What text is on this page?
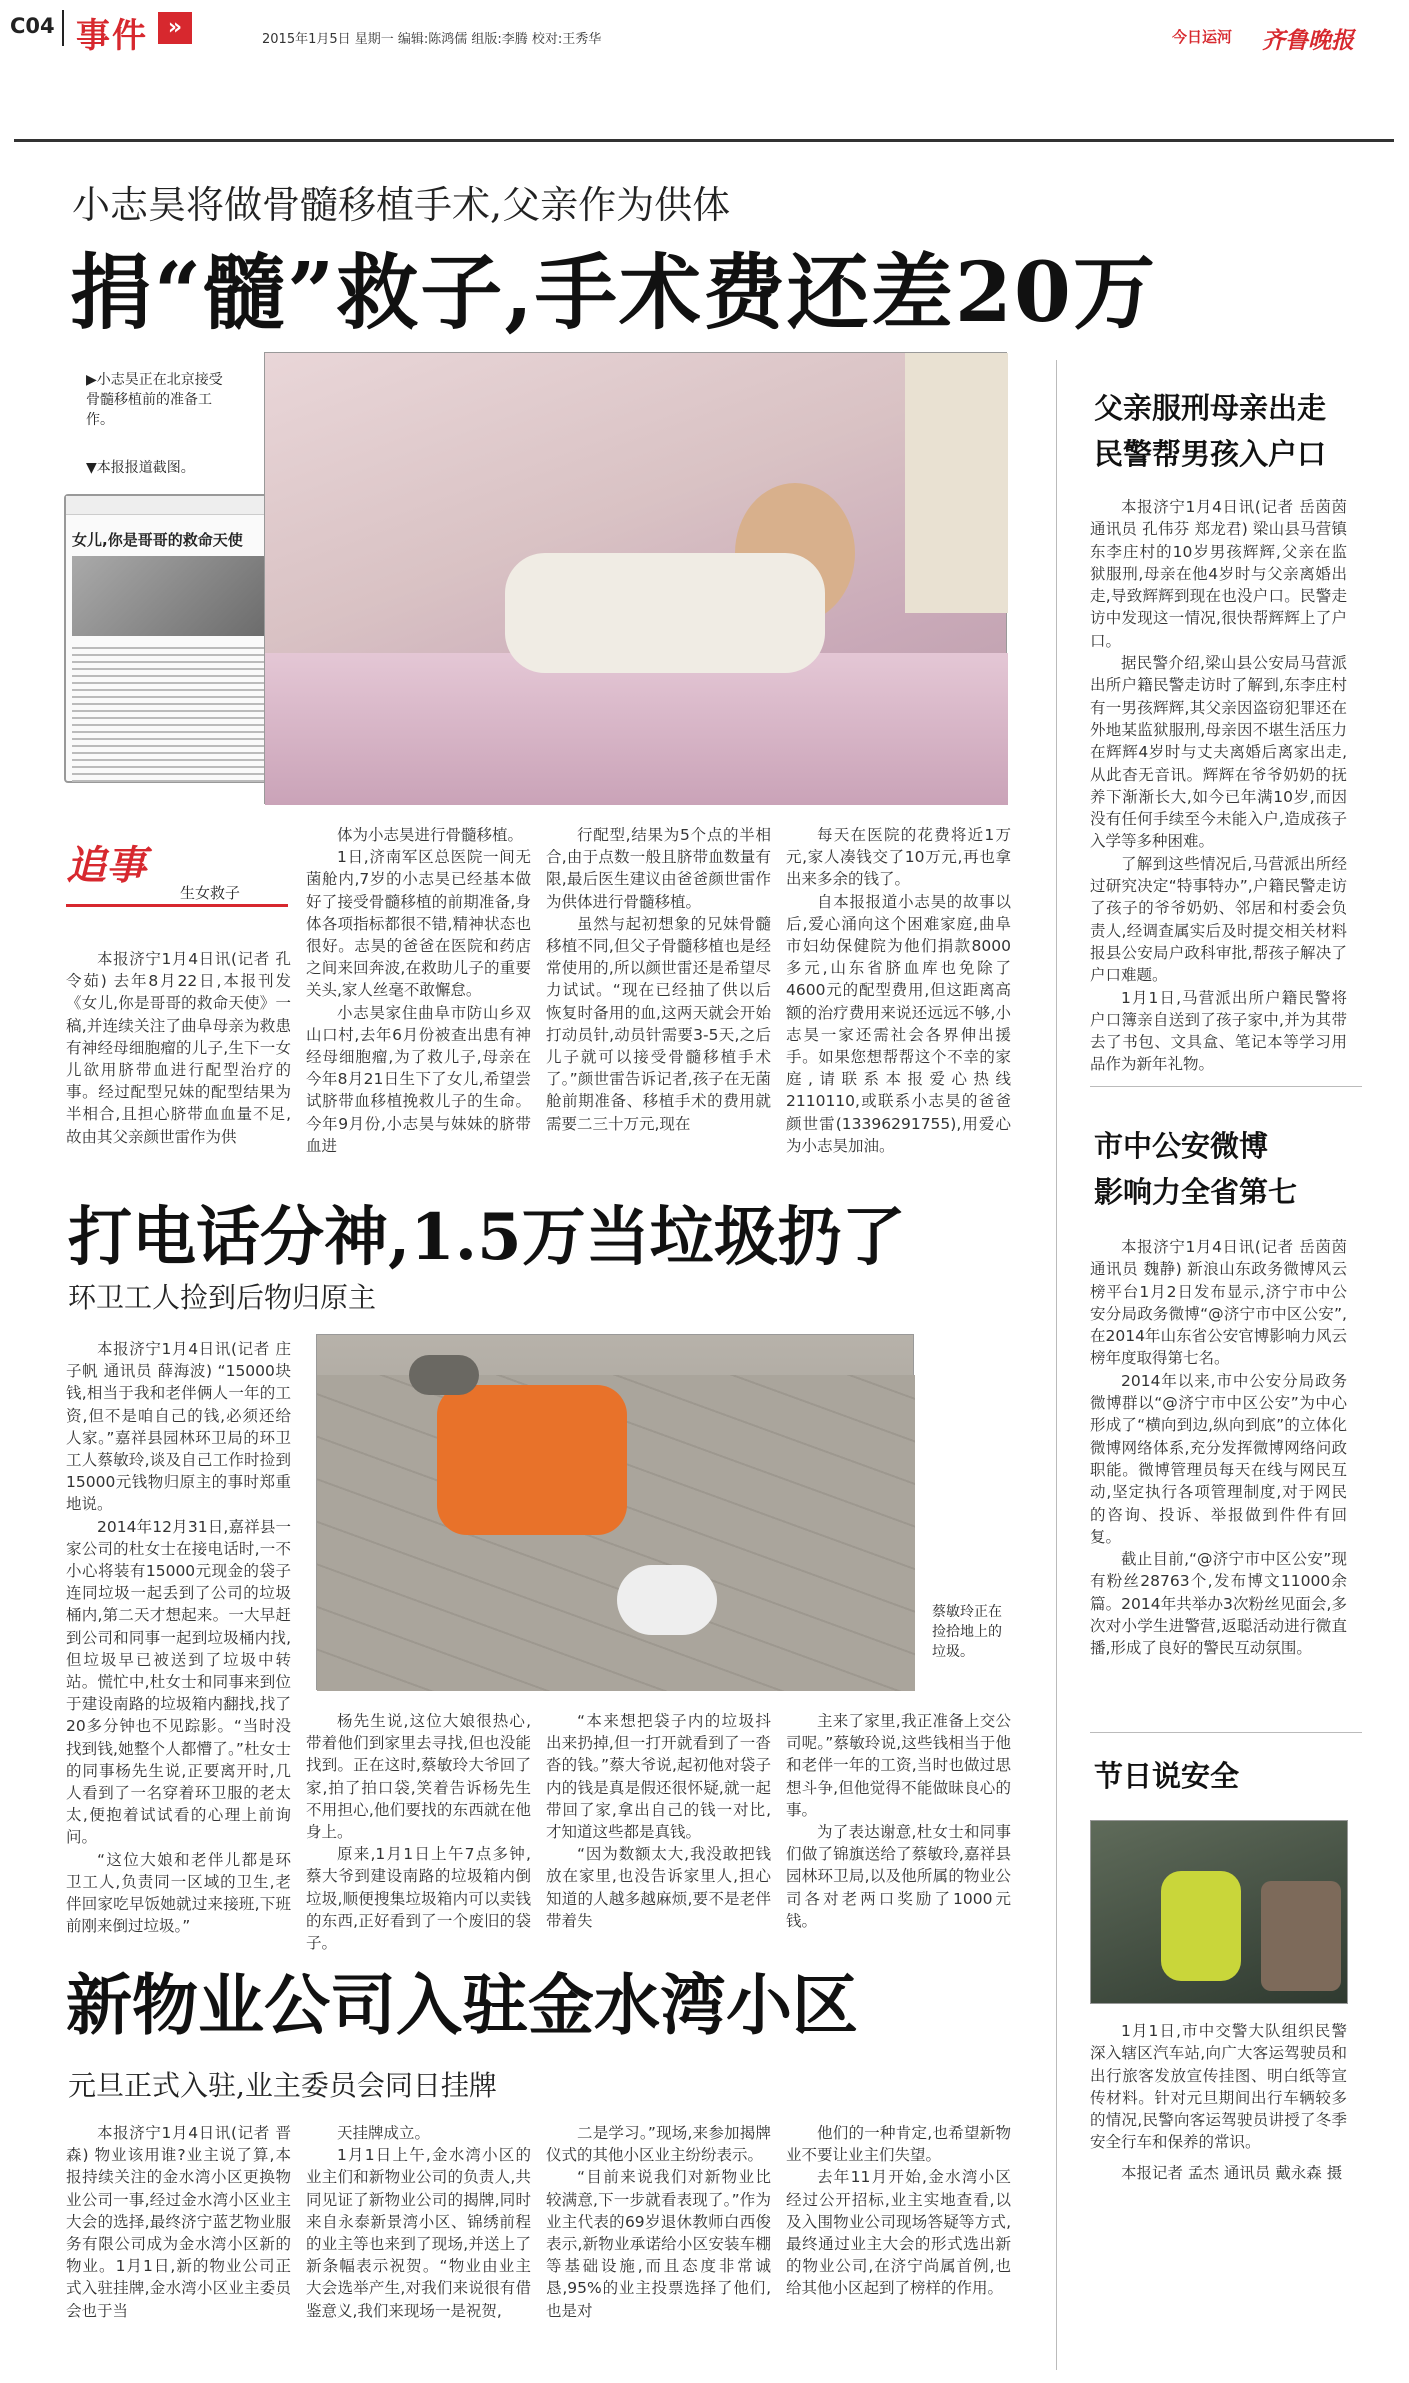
C04 事件 »	2015年1月5日 星期一 编辑:陈鸿儒 组版:李腾 校对:王秀华	今日运河 齐鲁晚报
小志昊将做骨髓移植手术,父亲作为供体
捐“髓”救子,手术费还差20万
▶小志昊正在北京接受骨髓移植前的准备工作。
▼本报报道截图。
女儿,你是哥哥的救命天使
追事
生女救子

本报济宁1月4日讯(记者 孔令茹) 去年8月22日,本报刊发《女儿,你是哥哥的救命天使》一稿,并连续关注了曲阜母亲为救患有神经母细胞瘤的儿子,生下一女儿欲用脐带血进行配型治疗的事。经过配型兄妹的配型结果为半相合,且担心脐带血血量不足,故由其父亲颜世雷作为供

体为小志昊进行骨髓移植。

1日,济南军区总医院一间无菌舱内,7岁的小志昊已经基本做好了接受骨髓移植的前期准备,身体各项指标都很不错,精神状态也很好。志昊的爸爸在医院和药店之间来回奔波,在救助儿子的重要关头,家人丝毫不敢懈怠。

小志昊家住曲阜市防山乡双山口村,去年6月份被查出患有神经母细胞瘤,为了救儿子,母亲在今年8月21日生下了女儿,希望尝试脐带血移植挽救儿子的生命。今年9月份,小志昊与妹妹的脐带血进

行配型,结果为5个点的半相合,由于点数一般且脐带血数量有限,最后医生建议由爸爸颜世雷作为供体进行骨髓移植。

虽然与起初想象的兄妹骨髓移植不同,但父子骨髓移植也是经常使用的,所以颜世雷还是希望尽力试试。“现在已经抽了供以后恢复时备用的血,这两天就会开始打动员针,动员针需要3-5天,之后儿子就可以接受骨髓移植手术了。”颜世雷告诉记者,孩子在无菌舱前期准备、移植手术的费用就需要二三十万元,现在

每天在医院的花费将近1万元,家人凑钱交了10万元,再也拿出来多余的钱了。

自本报报道小志昊的故事以后,爱心涌向这个困难家庭,曲阜市妇幼保健院为他们捐款8000多元,山东省脐血库也免除了4600元的配型费用,但这距离高额的治疗费用来说还远远不够,小志昊一家还需社会各界伸出援手。如果您想帮帮这个不幸的家庭,请联系本报爱心热线2110110,或联系小志昊的爸爸颜世雷(13396291755),用爱心为小志昊加油。

打电话分神,1.5万当垃圾扔了
环卫工人捡到后物归原主
蔡敏玲正在捡拾地上的垃圾。

本报济宁1月4日讯(记者 庄子帆 通讯员 薛海波) “15000块钱,相当于我和老伴俩人一年的工资,但不是咱自己的钱,必须还给人家。”嘉祥县园林环卫局的环卫工人蔡敏玲,谈及自己工作时捡到15000元钱物归原主的事时郑重地说。

2014年12月31日,嘉祥县一家公司的杜女士在接电话时,一不小心将装有15000元现金的袋子连同垃圾一起丢到了公司的垃圾桶内,第二天才想起来。一大早赶到公司和同事一起到垃圾桶内找,但垃圾早已被送到了垃圾中转站。慌忙中,杜女士和同事来到位于建设南路的垃圾箱内翻找,找了20多分钟也不见踪影。“当时没找到钱,她整个人都懵了。”杜女士的同事杨先生说,正要离开时,几人看到了一名穿着环卫服的老太太,便抱着试试看的心理上前询问。

“这位大娘和老伴儿都是环卫工人,负责同一区域的卫生,老伴回家吃早饭她就过来接班,下班前刚来倒过垃圾。”

杨先生说,这位大娘很热心,带着他们到家里去寻找,但也没能找到。正在这时,蔡敏玲大爷回了家,拍了拍口袋,笑着告诉杨先生不用担心,他们要找的东西就在他身上。

原来,1月1日上午7点多钟,蔡大爷到建设南路的垃圾箱内倒垃圾,顺便搜集垃圾箱内可以卖钱的东西,正好看到了一个废旧的袋子。

“本来想把袋子内的垃圾抖出来扔掉,但一打开就看到了一沓沓的钱。”蔡大爷说,起初他对袋子内的钱是真是假还很怀疑,就一起带回了家,拿出自己的钱一对比,才知道这些都是真钱。

“因为数额太大,我没敢把钱放在家里,也没告诉家里人,担心知道的人越多越麻烦,要不是老伴带着失

主来了家里,我正准备上交公司呢。”蔡敏玲说,这些钱相当于他和老伴一年的工资,当时也做过思想斗争,但他觉得不能做昧良心的事。

为了表达谢意,杜女士和同事们做了锦旗送给了蔡敏玲,嘉祥县园林环卫局,以及他所属的物业公司各对老两口奖励了1000元钱。

新物业公司入驻金水湾小区
元旦正式入驻,业主委员会同日挂牌

本报济宁1月4日讯(记者 晋森) 物业该用谁?业主说了算,本报持续关注的金水湾小区更换物业公司一事,经过金水湾小区业主大会的选择,最终济宁蓝艺物业服务有限公司成为金水湾小区新的物业。1月1日,新的物业公司正式入驻挂牌,金水湾小区业主委员会也于当

天挂牌成立。

1月1日上午,金水湾小区的业主们和新物业公司的负责人,共同见证了新物业公司的揭牌,同时来自永泰新景湾小区、锦绣前程的业主等也来到了现场,并送上了新条幅表示祝贺。“物业由业主大会选举产生,对我们来说很有借鉴意义,我们来现场一是祝贺,

二是学习。”现场,来参加揭牌仪式的其他小区业主纷纷表示。

“目前来说我们对新物业比较满意,下一步就看表现了。”作为业主代表的69岁退休教师白西俊表示,新物业承诺给小区安装车棚等基础设施,而且态度非常诚恳,95%的业主投票选择了他们,也是对

他们的一种肯定,也希望新物业不要让业主们失望。

去年11月开始,金水湾小区经过公开招标,业主实地查看,以及入围物业公司现场答疑等方式,最终通过业主大会的形式选出新的物业公司,在济宁尚属首例,也给其他小区起到了榜样的作用。

父亲服刑母亲出走
民警帮男孩入户口

本报济宁1月4日讯(记者 岳茵茵 通讯员 孔伟芬 郑龙君) 梁山县马营镇东李庄村的10岁男孩辉辉,父亲在监狱服刑,母亲在他4岁时与父亲离婚出走,导致辉辉到现在也没户口。民警走访中发现这一情况,很快帮辉辉上了户口。

据民警介绍,梁山县公安局马营派出所户籍民警走访时了解到,东李庄村有一男孩辉辉,其父亲因盗窃犯罪还在外地某监狱服刑,母亲因不堪生活压力在辉辉4岁时与丈夫离婚后离家出走,从此杳无音讯。辉辉在爷爷奶奶的抚养下渐渐长大,如今已年满10岁,而因没有任何手续至今未能入户,造成孩子入学等多种困难。

了解到这些情况后,马营派出所经过研究决定“特事特办”,户籍民警走访了孩子的爷爷奶奶、邻居和村委会负责人,经调查属实后及时提交相关材料报县公安局户政科审批,帮孩子解决了户口难题。

1月1日,马营派出所户籍民警将户口簿亲自送到了孩子家中,并为其带去了书包、文具盒、笔记本等学习用品作为新年礼物。

市中公安微博
影响力全省第七

本报济宁1月4日讯(记者 岳茵茵 通讯员 魏静) 新浪山东政务微博风云榜平台1月2日发布显示,济宁市中公安分局政务微博“@济宁市中区公安”,在2014年山东省公安官博影响力风云榜年度取得第七名。

2014年以来,市中公安分局政务微博群以“@济宁市中区公安”为中心形成了“横向到边,纵向到底”的立体化微博网络体系,充分发挥微博网络问政职能。微博管理员每天在线与网民互动,坚定执行各项管理制度,对于网民的咨询、投诉、举报做到件件有回复。

截止目前,“@济宁市中区公安”现有粉丝28763个,发布博文11000余篇。2014年共举办3次粉丝见面会,多次对小学生进警营,返聪活动进行微直播,形成了良好的警民互动氛围。

节日说安全

1月1日,市中交警大队组织民警深入辖区汽车站,向广大客运驾驶员和出行旅客发放宣传挂图、明白纸等宣传材料。针对元旦期间出行车辆较多的情况,民警向客运驾驶员讲授了冬季安全行车和保养的常识。

本报记者 孟杰 通讯员 戴永森 摄
